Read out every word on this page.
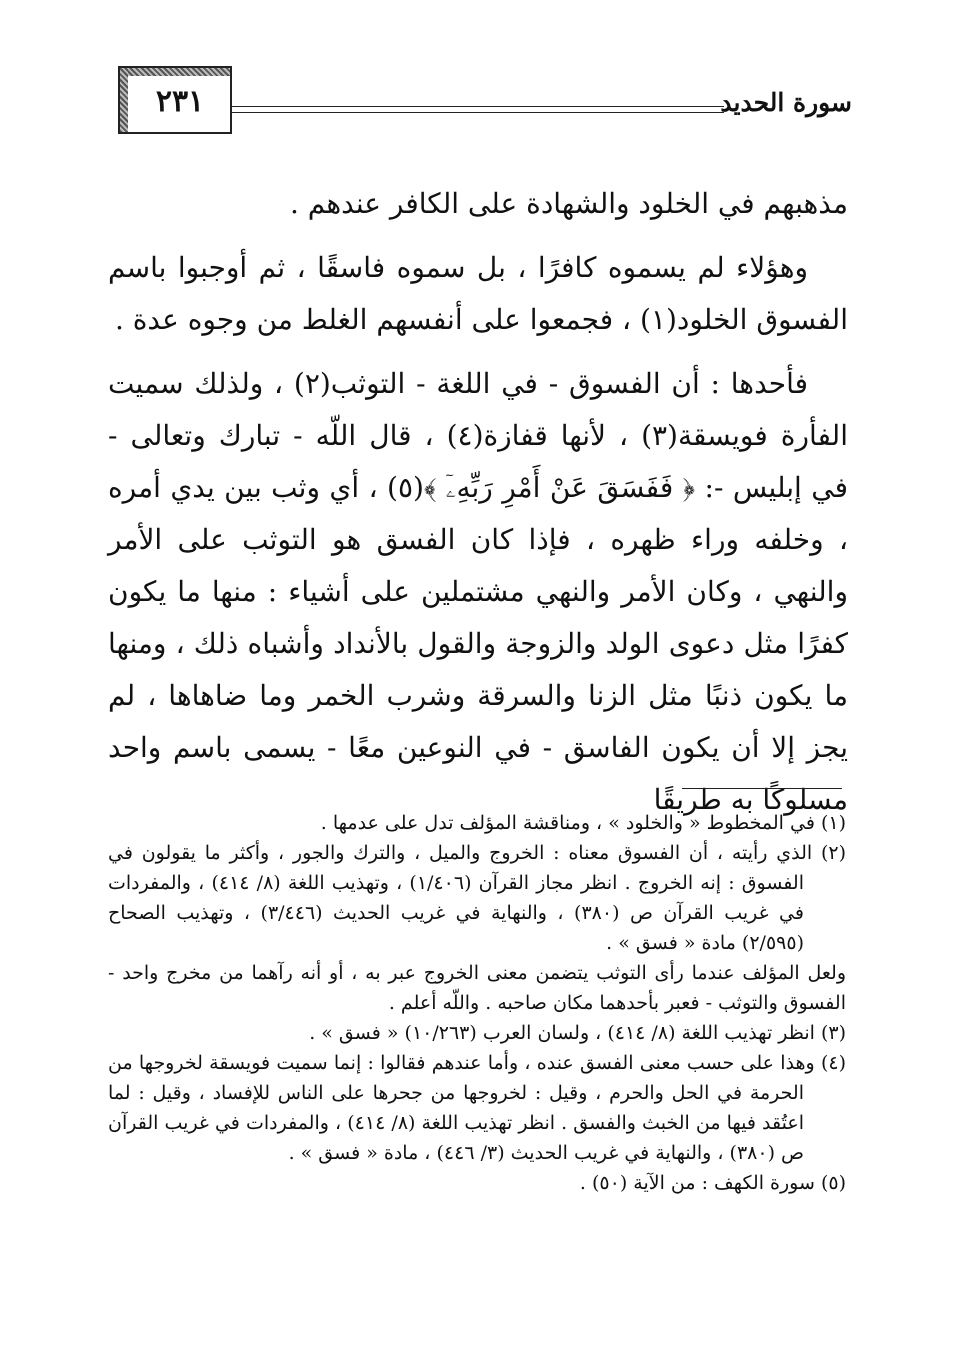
٢٣١	سورة الحديد

مذهبهم في الخلود والشهادة على الكافر عندهم .

وهؤلاء لم يسموه كافرًا ، بل سموه فاسقًا ، ثم أوجبوا باسم الفسوق الخلود(١) ، فجمعوا على أنفسهم الغلط من وجوه عدة .

فأحدها : أن الفسوق - في اللغة - التوثب(٢) ، ولذلك سميت الفأرة فويسقة(٣) ، لأنها قفازة(٤) ، قال اللّه - تبارك وتعالى - في إبليس -: ﴿ فَفَسَقَ عَنْ أَمْرِ رَبِّهِۦٓ ﴾(٥) ، أي وثب بين يدي أمره ، وخلفه وراء ظهره ، فإذا كان الفسق هو التوثب على الأمر والنهي ، وكان الأمر والنهي مشتملين على أشياء : منها ما يكون كفرًا مثل دعوى الولد والزوجة والقول بالأنداد وأشباه ذلك ، ومنها ما يكون ذنبًا مثل الزنا والسرقة وشرب الخمر وما ضاهاها ، لم يجز إلا أن يكون الفاسق - في النوعين معًا - يسمى باسم واحد مسلوكًا به طريقًا

(١) في المخطوط « والخلود » ، ومناقشة المؤلف تدل على عدمها .

(٢) الذي رأيته ، أن الفسوق معناه : الخروج والميل ، والترك والجور ، وأكثر ما يقولون في الفسوق : إنه الخروج . انظر مجاز القرآن (١/٤٠٦) ، وتهذيب اللغة (٨/ ٤١٤) ، والمفردات في غريب القرآن ص (٣٨٠) ، والنهاية في غريب الحديث (٣/٤٤٦) ، وتهذيب الصحاح (٢/٥٩٥) مادة « فسق » .

ولعل المؤلف عندما رأى التوثب يتضمن معنى الخروج عبر به ، أو أنه رآهما من مخرج واحد - الفسوق والتوثب - فعبر بأحدهما مكان صاحبه . واللّه أعلم .

(٣) انظر تهذيب اللغة (٨/ ٤١٤) ، ولسان العرب (١٠/٢٦٣) « فسق » .

(٤) وهذا على حسب معنى الفسق عنده ، وأما عندهم فقالوا : إنما سميت فويسقة لخروجها من الحرمة في الحل والحرم ، وقيل : لخروجها من جحرها على الناس للإفساد ، وقيل : لما اعتُقد فيها من الخبث والفسق . انظر تهذيب اللغة (٨/ ٤١٤) ، والمفردات في غريب القرآن ص (٣٨٠) ، والنهاية في غريب الحديث (٣/ ٤٤٦) ، مادة « فسق » .

(٥) سورة الكهف : من الآية (٥٠) .
